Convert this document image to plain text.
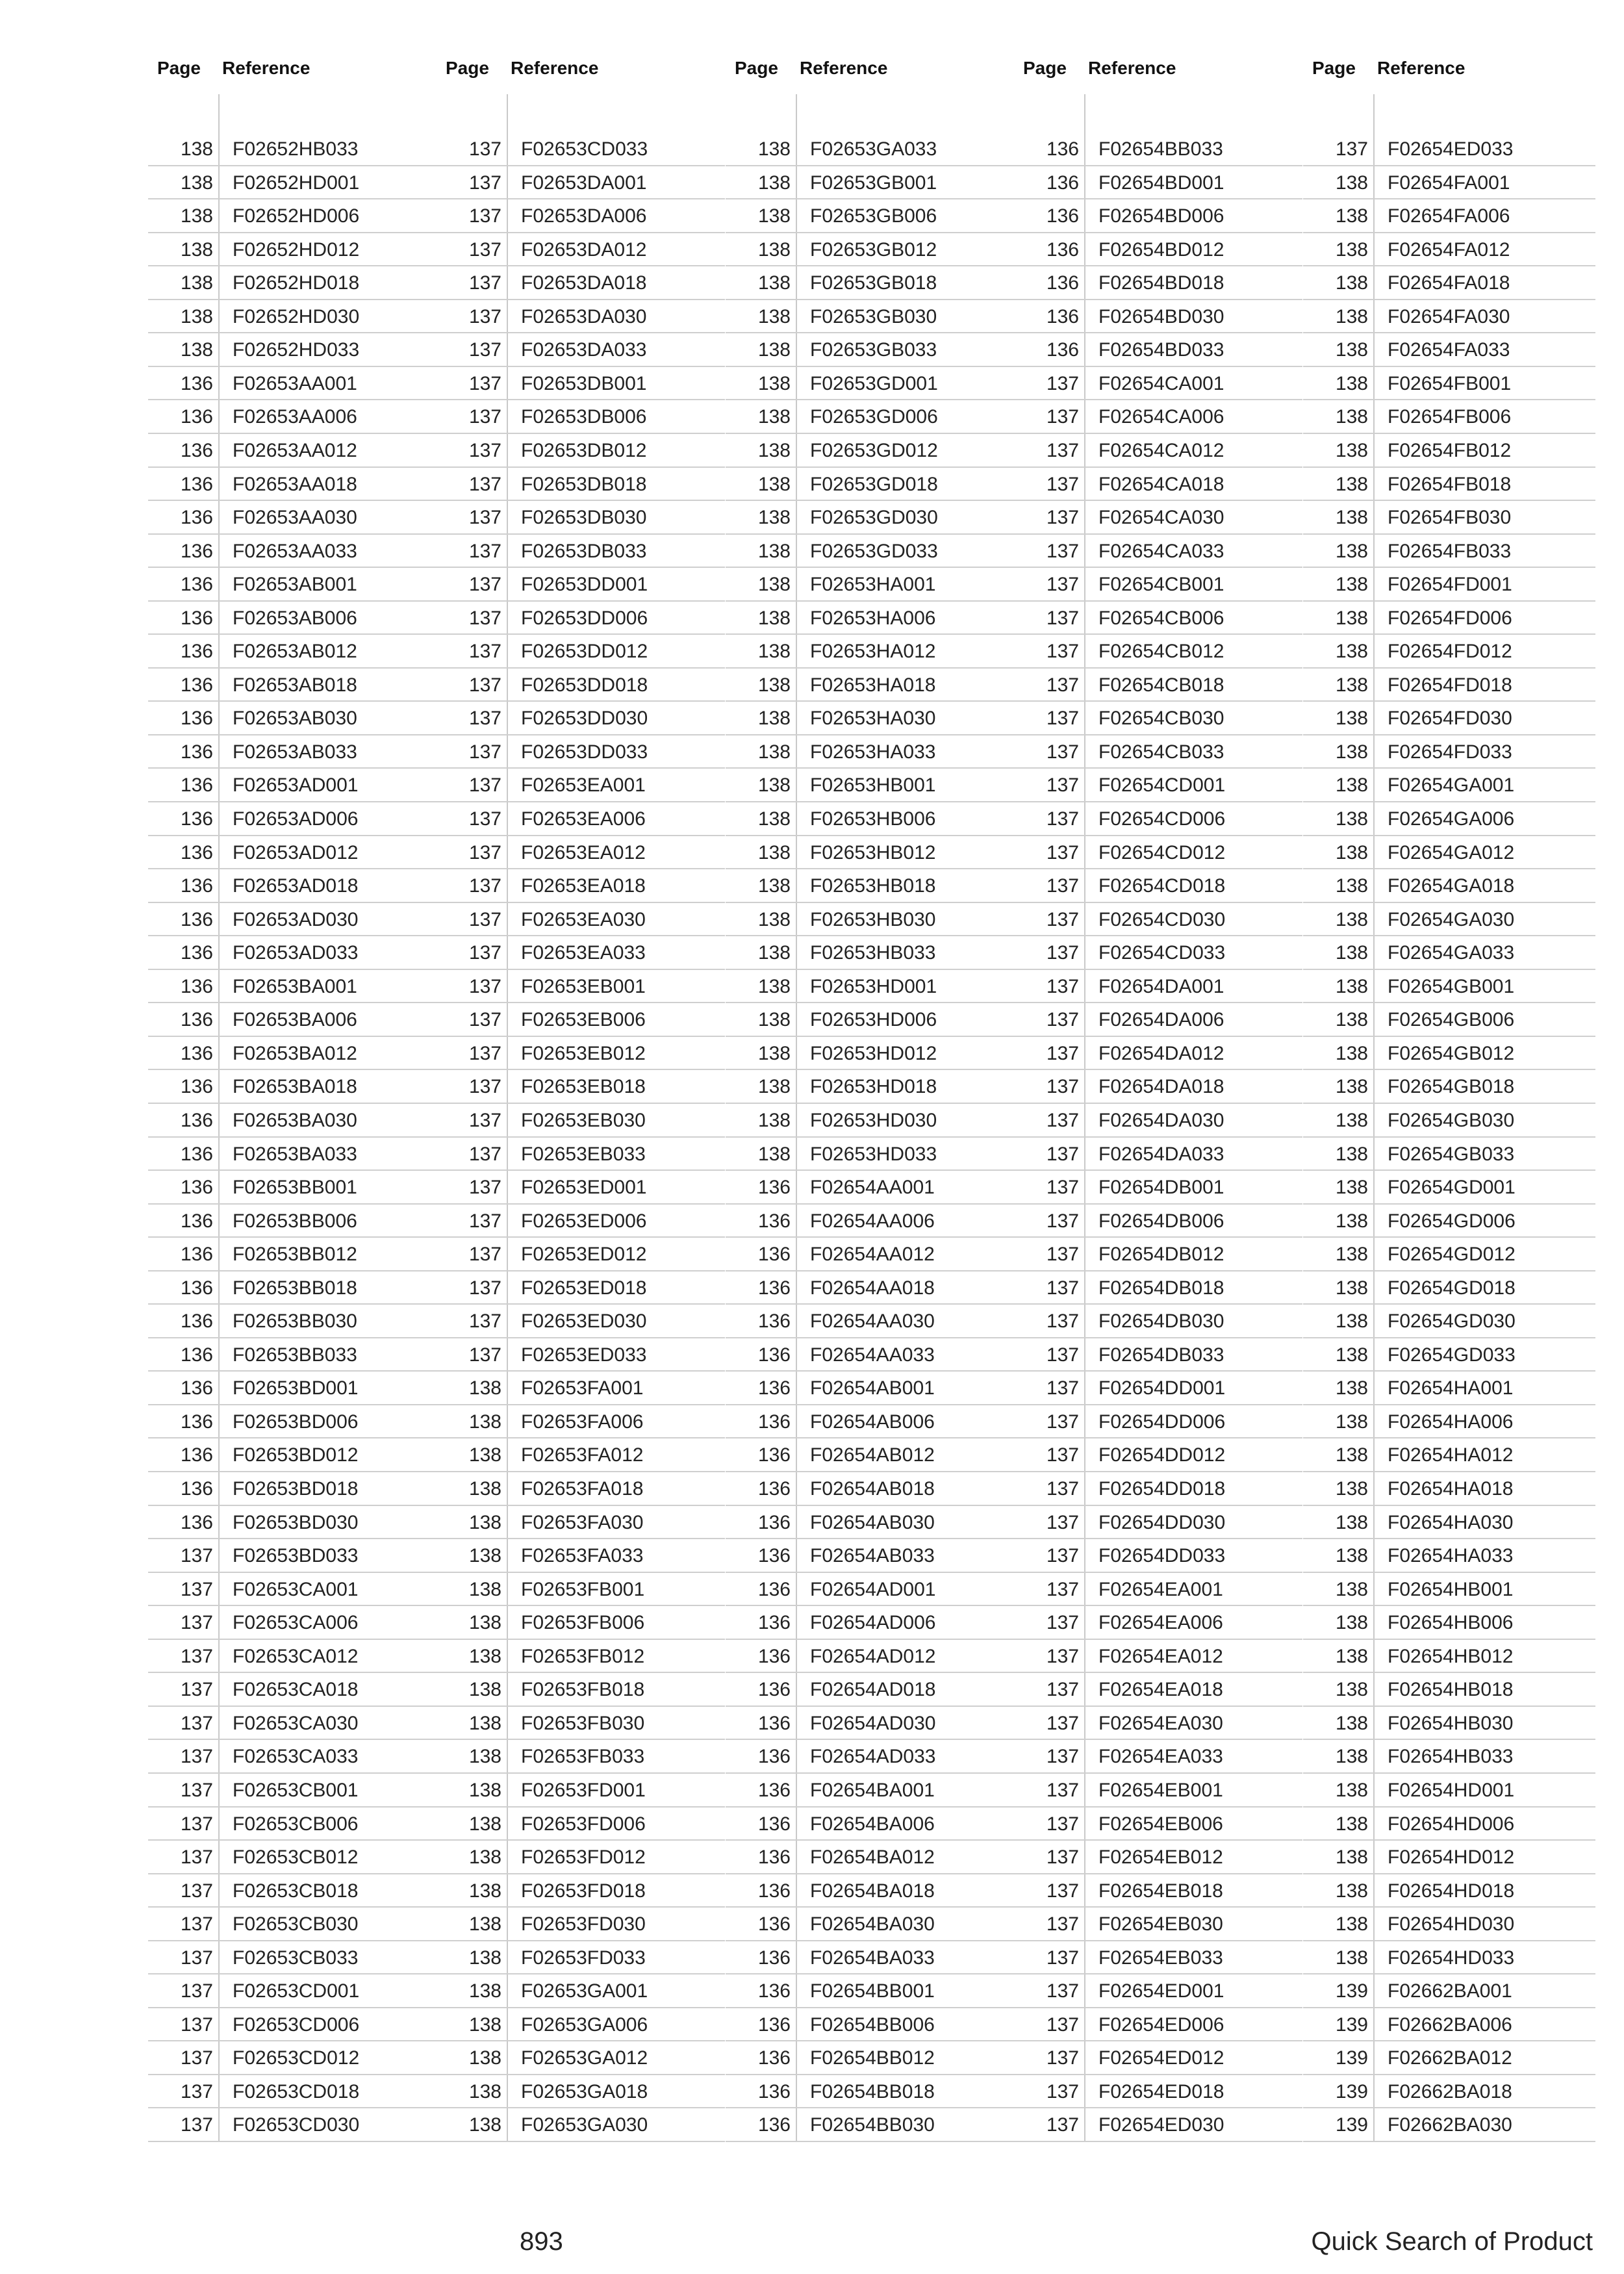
Page Reference
138 F02652HB033
138 F02652HD001
138 F02652HD006
138 F02652HD012
138 F02652HD018
138 F02652HD030
138 F02652HD033
136 F02653AA001
136 F02653AA006
136 F02653AA012
136 F02653AA018
136 F02653AA030
136 F02653AA033
136 F02653AB001
136 F02653AB006
136 F02653AB012
136 F02653AB018
136 F02653AB030
136 F02653AB033
136 F02653AD001
136 F02653AD006
136 F02653AD012
136 F02653AD018
136 F02653AD030
136 F02653AD033
136 F02653BA001
136 F02653BA006
136 F02653BA012
136 F02653BA018
136 F02653BA030
136 F02653BA033
136 F02653BB001
136 F02653BB006
136 F02653BB012
136 F02653BB018
136 F02653BB030
136 F02653BB033
136 F02653BD001
136 F02653BD006
136 F02653BD012
136 F02653BD018
136 F02653BD030
137 F02653BD033
137 F02653CA001
137 F02653CA006
137 F02653CA012
137 F02653CA018
137 F02653CA030
137 F02653CA033
137 F02653CB001
137 F02653CB006
137 F02653CB012
137 F02653CB018
137 F02653CB030
137 F02653CB033
137 F02653CD001
137 F02653CD006
137 F02653CD012
137 F02653CD018
137 F02653CD030
Page Reference
137 F02653CD033
137 F02653DA001
137 F02653DA006
137 F02653DA012
137 F02653DA018
137 F02653DA030
137 F02653DA033
137 F02653DB001
137 F02653DB006
137 F02653DB012
137 F02653DB018
137 F02653DB030
137 F02653DB033
137 F02653DD001
137 F02653DD006
137 F02653DD012
137 F02653DD018
137 F02653DD030
137 F02653DD033
137 F02653EA001
137 F02653EA006
137 F02653EA012
137 F02653EA018
137 F02653EA030
137 F02653EA033
137 F02653EB001
137 F02653EB006
137 F02653EB012
137 F02653EB018
137 F02653EB030
137 F02653EB033
137 F02653ED001
137 F02653ED006
137 F02653ED012
137 F02653ED018
137 F02653ED030
137 F02653ED033
138 F02653FA001
138 F02653FA006
138 F02653FA012
138 F02653FA018
138 F02653FA030
138 F02653FA033
138 F02653FB001
138 F02653FB006
138 F02653FB012
138 F02653FB018
138 F02653FB030
138 F02653FB033
138 F02653FD001
138 F02653FD006
138 F02653FD012
138 F02653FD018
138 F02653FD030
138 F02653FD033
138 F02653GA001
138 F02653GA006
138 F02653GA012
138 F02653GA018
138 F02653GA030
Page Reference
138 F02653GA033
138 F02653GB001
138 F02653GB006
138 F02653GB012
138 F02653GB018
138 F02653GB030
138 F02653GB033
138 F02653GD001
138 F02653GD006
138 F02653GD012
138 F02653GD018
138 F02653GD030
138 F02653GD033
138 F02653HA001
138 F02653HA006
138 F02653HA012
138 F02653HA018
138 F02653HA030
138 F02653HA033
138 F02653HB001
138 F02653HB006
138 F02653HB012
138 F02653HB018
138 F02653HB030
138 F02653HB033
138 F02653HD001
138 F02653HD006
138 F02653HD012
138 F02653HD018
138 F02653HD030
138 F02653HD033
136 F02654AA001
136 F02654AA006
136 F02654AA012
136 F02654AA018
136 F02654AA030
136 F02654AA033
136 F02654AB001
136 F02654AB006
136 F02654AB012
136 F02654AB018
136 F02654AB030
136 F02654AB033
136 F02654AD001
136 F02654AD006
136 F02654AD012
136 F02654AD018
136 F02654AD030
136 F02654AD033
136 F02654BA001
136 F02654BA006
136 F02654BA012
136 F02654BA018
136 F02654BA030
136 F02654BA033
136 F02654BB001
136 F02654BB006
136 F02654BB012
136 F02654BB018
136 F02654BB030
Page Reference
136 F02654BB033
136 F02654BD001
136 F02654BD006
136 F02654BD012
136 F02654BD018
136 F02654BD030
136 F02654BD033
137 F02654CA001
137 F02654CA006
137 F02654CA012
137 F02654CA018
137 F02654CA030
137 F02654CA033
137 F02654CB001
137 F02654CB006
137 F02654CB012
137 F02654CB018
137 F02654CB030
137 F02654CB033
137 F02654CD001
137 F02654CD006
137 F02654CD012
137 F02654CD018
137 F02654CD030
137 F02654CD033
137 F02654DA001
137 F02654DA006
137 F02654DA012
137 F02654DA018
137 F02654DA030
137 F02654DA033
137 F02654DB001
137 F02654DB006
137 F02654DB012
137 F02654DB018
137 F02654DB030
137 F02654DB033
137 F02654DD001
137 F02654DD006
137 F02654DD012
137 F02654DD018
137 F02654DD030
137 F02654DD033
137 F02654EA001
137 F02654EA006
137 F02654EA012
137 F02654EA018
137 F02654EA030
137 F02654EA033
137 F02654EB001
137 F02654EB006
137 F02654EB012
137 F02654EB018
137 F02654EB030
137 F02654EB033
137 F02654ED001
137 F02654ED006
137 F02654ED012
137 F02654ED018
137 F02654ED030
Page Reference
137 F02654ED033
138 F02654FA001
138 F02654FA006
138 F02654FA012
138 F02654FA018
138 F02654FA030
138 F02654FA033
138 F02654FB001
138 F02654FB006
138 F02654FB012
138 F02654FB018
138 F02654FB030
138 F02654FB033
138 F02654FD001
138 F02654FD006
138 F02654FD012
138 F02654FD018
138 F02654FD030
138 F02654FD033
138 F02654GA001
138 F02654GA006
138 F02654GA012
138 F02654GA018
138 F02654GA030
138 F02654GA033
138 F02654GB001
138 F02654GB006
138 F02654GB012
138 F02654GB018
138 F02654GB030
138 F02654GB033
138 F02654GD001
138 F02654GD006
138 F02654GD012
138 F02654GD018
138 F02654GD030
138 F02654GD033
138 F02654HA001
138 F02654HA006
138 F02654HA012
138 F02654HA018
138 F02654HA030
138 F02654HA033
138 F02654HB001
138 F02654HB006
138 F02654HB012
138 F02654HB018
138 F02654HB030
138 F02654HB033
138 F02654HD001
138 F02654HD006
138 F02654HD012
138 F02654HD018
138 F02654HD030
138 F02654HD033
139 F02662BA001
139 F02662BA006
139 F02662BA012
139 F02662BA018
139 F02662BA030
893	Quick Search of Product
